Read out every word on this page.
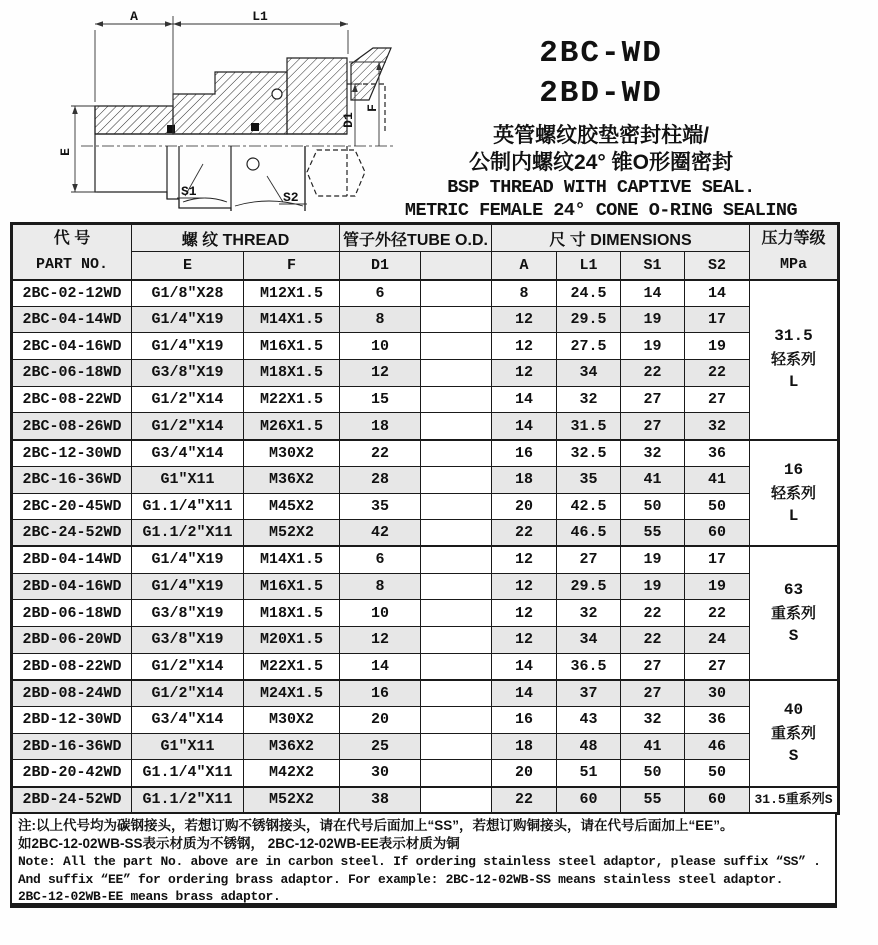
A	L1
E
D1
F
S1	S2
2BC-WD
2BD-WD
英管螺纹胶垫密封柱端/
公制内螺纹24° 锥O形圈密封
BSP THREAD WITH CAPTIVE SEAL.
METRIC FEMALE 24° CONE O-RING SEALING
代 号
PART NO.
	螺 纹 THREAD	管子外径TUBE O.D.	尺 寸 DIMENSIONS	压力等级
MPa

	E	F	D1		A	L1	S1	S2	
2BC-02-12WD	G1/8″X28	M12X1.5	6		8	24.5	14	14	31.5
轻系列
L

2BC-04-14WD	G1/4″X19	M14X1.5	8		12	29.5	19	17	
2BC-04-16WD	G1/4″X19	M16X1.5	10		12	27.5	19	19	
2BC-06-18WD	G3/8″X19	M18X1.5	12		12	34	22	22	
2BC-08-22WD	G1/2″X14	M22X1.5	15		14	32	27	27	
2BC-08-26WD	G1/2″X14	M26X1.5	18		14	31.5	27	32	
2BC-12-30WD	G3/4″X14	M30X2	22		16	32.5	32	36	16
轻系列
L

2BC-16-36WD	G1″X11	M36X2	28		18	35	41	41	
2BC-20-45WD	G1.1/4″X11	M45X2	35		20	42.5	50	50	
2BC-24-52WD	G1.1/2″X11	M52X2	42		22	46.5	55	60	
2BD-04-14WD	G1/4″X19	M14X1.5	6		12	27	19	17	63
重系列
S

2BD-04-16WD	G1/4″X19	M16X1.5	8		12	29.5	19	19	
2BD-06-18WD	G3/8″X19	M18X1.5	10		12	32	22	22	
2BD-06-20WD	G3/8″X19	M20X1.5	12		12	34	22	24	
2BD-08-22WD	G1/2″X14	M22X1.5	14		14	36.5	27	27	
2BD-08-24WD	G1/2″X14	M24X1.5	16		14	37	27	30	40
重系列
S

2BD-12-30WD	G3/4″X14	M30X2	20		16	43	32	36	
2BD-16-36WD	G1″X11	M36X2	25		18	48	41	46	
2BD-20-42WD	G1.1/4″X11	M42X2	30		20	51	50	50	
2BD-24-52WD	G1.1/2″X11	M52X2	38		22	60	55	60	31.5重系列S
注:以上代号均为碳钢接头，若想订购不锈钢接头，请在代号后面加上“SS”，若想订购铜接头，请在代号后面加上“EE”。
如2BC-12-02WB-SS表示材质为不锈钢， 2BC-12-02WB-EE表示材质为铜
Note: All the part No. above are in carbon steel. If ordering stainless steel adaptor, please suffix “SS” .
And suffix “EE” for ordering brass adaptor. For example: 2BC-12-02WB-SS means stainless steel adaptor.
2BC-12-02WB-EE means brass adaptor.
